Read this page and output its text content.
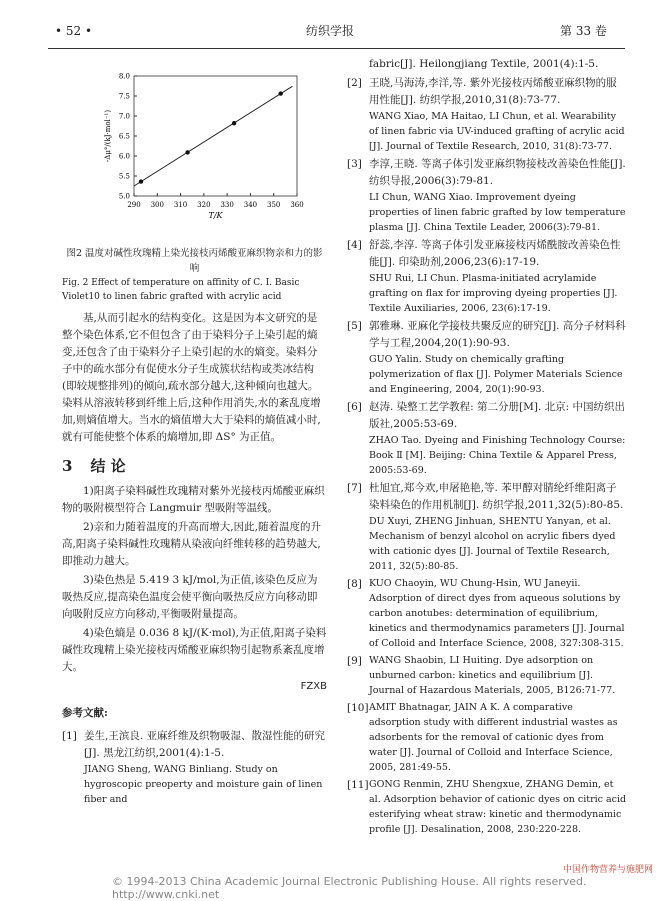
• 52 •	纺织学报	第 33 卷
290 300 310 320 330 340 350 360
5.0
5.5
6.0
6.5
7.0
7.5
8.0
T/K
-Δμ°/(kJ·mol⁻¹)
图2 温度对碱性玫瑰精上染光接枝丙烯酸亚麻织物亲和力的影响
Fig. 2 Effect of temperature on affinity of C. I. Basic Violet10 to linen fabric grafted with acrylic acid

基,从而引起水的结构变化。这是因为本文研究的是整个染色体系,它不但包含了由于染料分子上染引起的熵变,还包含了由于染料分子上染引起的水的熵变。染料分子中的疏水部分有促使水分子生成簇状结构或类冰结构(即较规整排列)的倾向,疏水部分越大,这种倾向也越大。染料从溶液转移到纤维上后,这种作用消失,水的紊乱度增加,则熵值增大。当水的熵值增大大于染料的熵值减小时,就有可能使整个体系的熵增加,即 ΔS° 为正值。

3 结 论

1)阳离子染料碱性玫瑰精对紫外光接枝丙烯酸亚麻织物的吸附模型符合 Langmuir 型吸附等温线。

2)亲和力随着温度的升高而增大,因此,随着温度的升高,阳离子染料碱性玫瑰精从染液向纤维转移的趋势越大,即推动力越大。

3)染色热是 5.419 3 kJ/mol,为正值,该染色反应为吸热反应,提高染色温度会使平衡向吸热反应方向移动即向吸附反应方向移动,平衡吸附量提高。

4)染色熵是 0.036 8 kJ/(K·mol),为正值,阳离子染料碱性玫瑰精上染光接枝丙烯酸亚麻织物引起物系紊乱度增大。

FZXB
参考文献:
[1] 姜生,王滨良. 亚麻纤维及织物吸湿、散湿性能的研究[J]. 黑龙江纺织,2001(4):1-5.
JIANG Sheng, WANG Binliang. Study on hygroscopic preoperty and moisture gain of linen fiber and
fabric[J]. Heilongjiang Textile, 2001(4):1-5.
[2] 王晓,马海涛,李洋,等. 紫外光接枝丙烯酸亚麻织物的服用性能[J]. 纺织学报,2010,31(8):73-77.
WANG Xiao, MA Haitao, LI Chun, et al. Wearability of linen fabric via UV-induced grafting of acrylic acid [J]. Journal of Textile Research, 2010, 31(8):73-77.
[3] 李淳,王晓. 等离子体引发亚麻织物接枝改善染色性能[J]. 纺织导报,2006(3):79-81.
LI Chun, WANG Xiao. Improvement dyeing properties of linen fabric grafted by low temperature plasma [J]. China Textile Leader, 2006(3):79-81.
[4] 舒蕊,李淳. 等离子体引发亚麻接枝丙烯酰胺改善染色性能[J]. 印染助剂,2006,23(6):17-19.
SHU Rui, LI Chun. Plasma-initiated acrylamide grafting on flax for improving dyeing properties [J]. Textile Auxiliaries, 2006, 23(6):17-19.
[5] 郭雅琳. 亚麻化学接枝共聚反应的研究[J]. 高分子材料科学与工程,2004,20(1):90-93.
GUO Yalin. Study on chemically grafting polymerization of flax [J]. Polymer Materials Science and Engineering, 2004, 20(1):90-93.
[6] 赵涛. 染整工艺学教程: 第二分册[M]. 北京: 中国纺织出版社,2005:53-69.
ZHAO Tao. Dyeing and Finishing Technology Course: Book Ⅱ [M]. Beijing: China Textile & Apparel Press, 2005:53-69.
[7] 杜旭宜,郑今欢,申屠艳艳,等. 苯甲醇对腈纶纤维阳离子染料染色的作用机制[J]. 纺织学报,2011,32(5):80-85.
DU Xuyi, ZHENG Jinhuan, SHENTU Yanyan, et al. Mechanism of benzyl alcohol on acrylic fibers dyed with cationic dyes [J]. Journal of Textile Research, 2011, 32(5):80-85.
[8] KUO Chaoyin, WU Chung-Hsin, WU Janeyii. Adsorption of direct dyes from aqueous solutions by carbon anotubes: determination of equilibrium, kinetics and thermodynamics parameters [J]. Journal of Colloid and Interface Science, 2008, 327:308-315.
[9] WANG Shaobin, LI Huiting. Dye adsorption on unburned carbon: kinetics and equilibrium [J]. Journal of Hazardous Materials, 2005, B126:71-77.
[10] AMIT Bhatnagar, JAIN A K. A comparative adsorption study with different industrial wastes as adsorbents for the removal of cationic dyes from water [J]. Journal of Colloid and Interface Science, 2005, 281:49-55.
[11] GONG Renmin, ZHU Shengxue, ZHANG Demin, et al. Adsorption behavior of cationic dyes on citric acid esterifying wheat straw: kinetic and thermodynamic profile [J]. Desalination, 2008, 230:220-228.
© 1994-2013 China Academic Journal Electronic Publishing House. All rights reserved. http://www.cnki.net
中国作物营养与施肥网
